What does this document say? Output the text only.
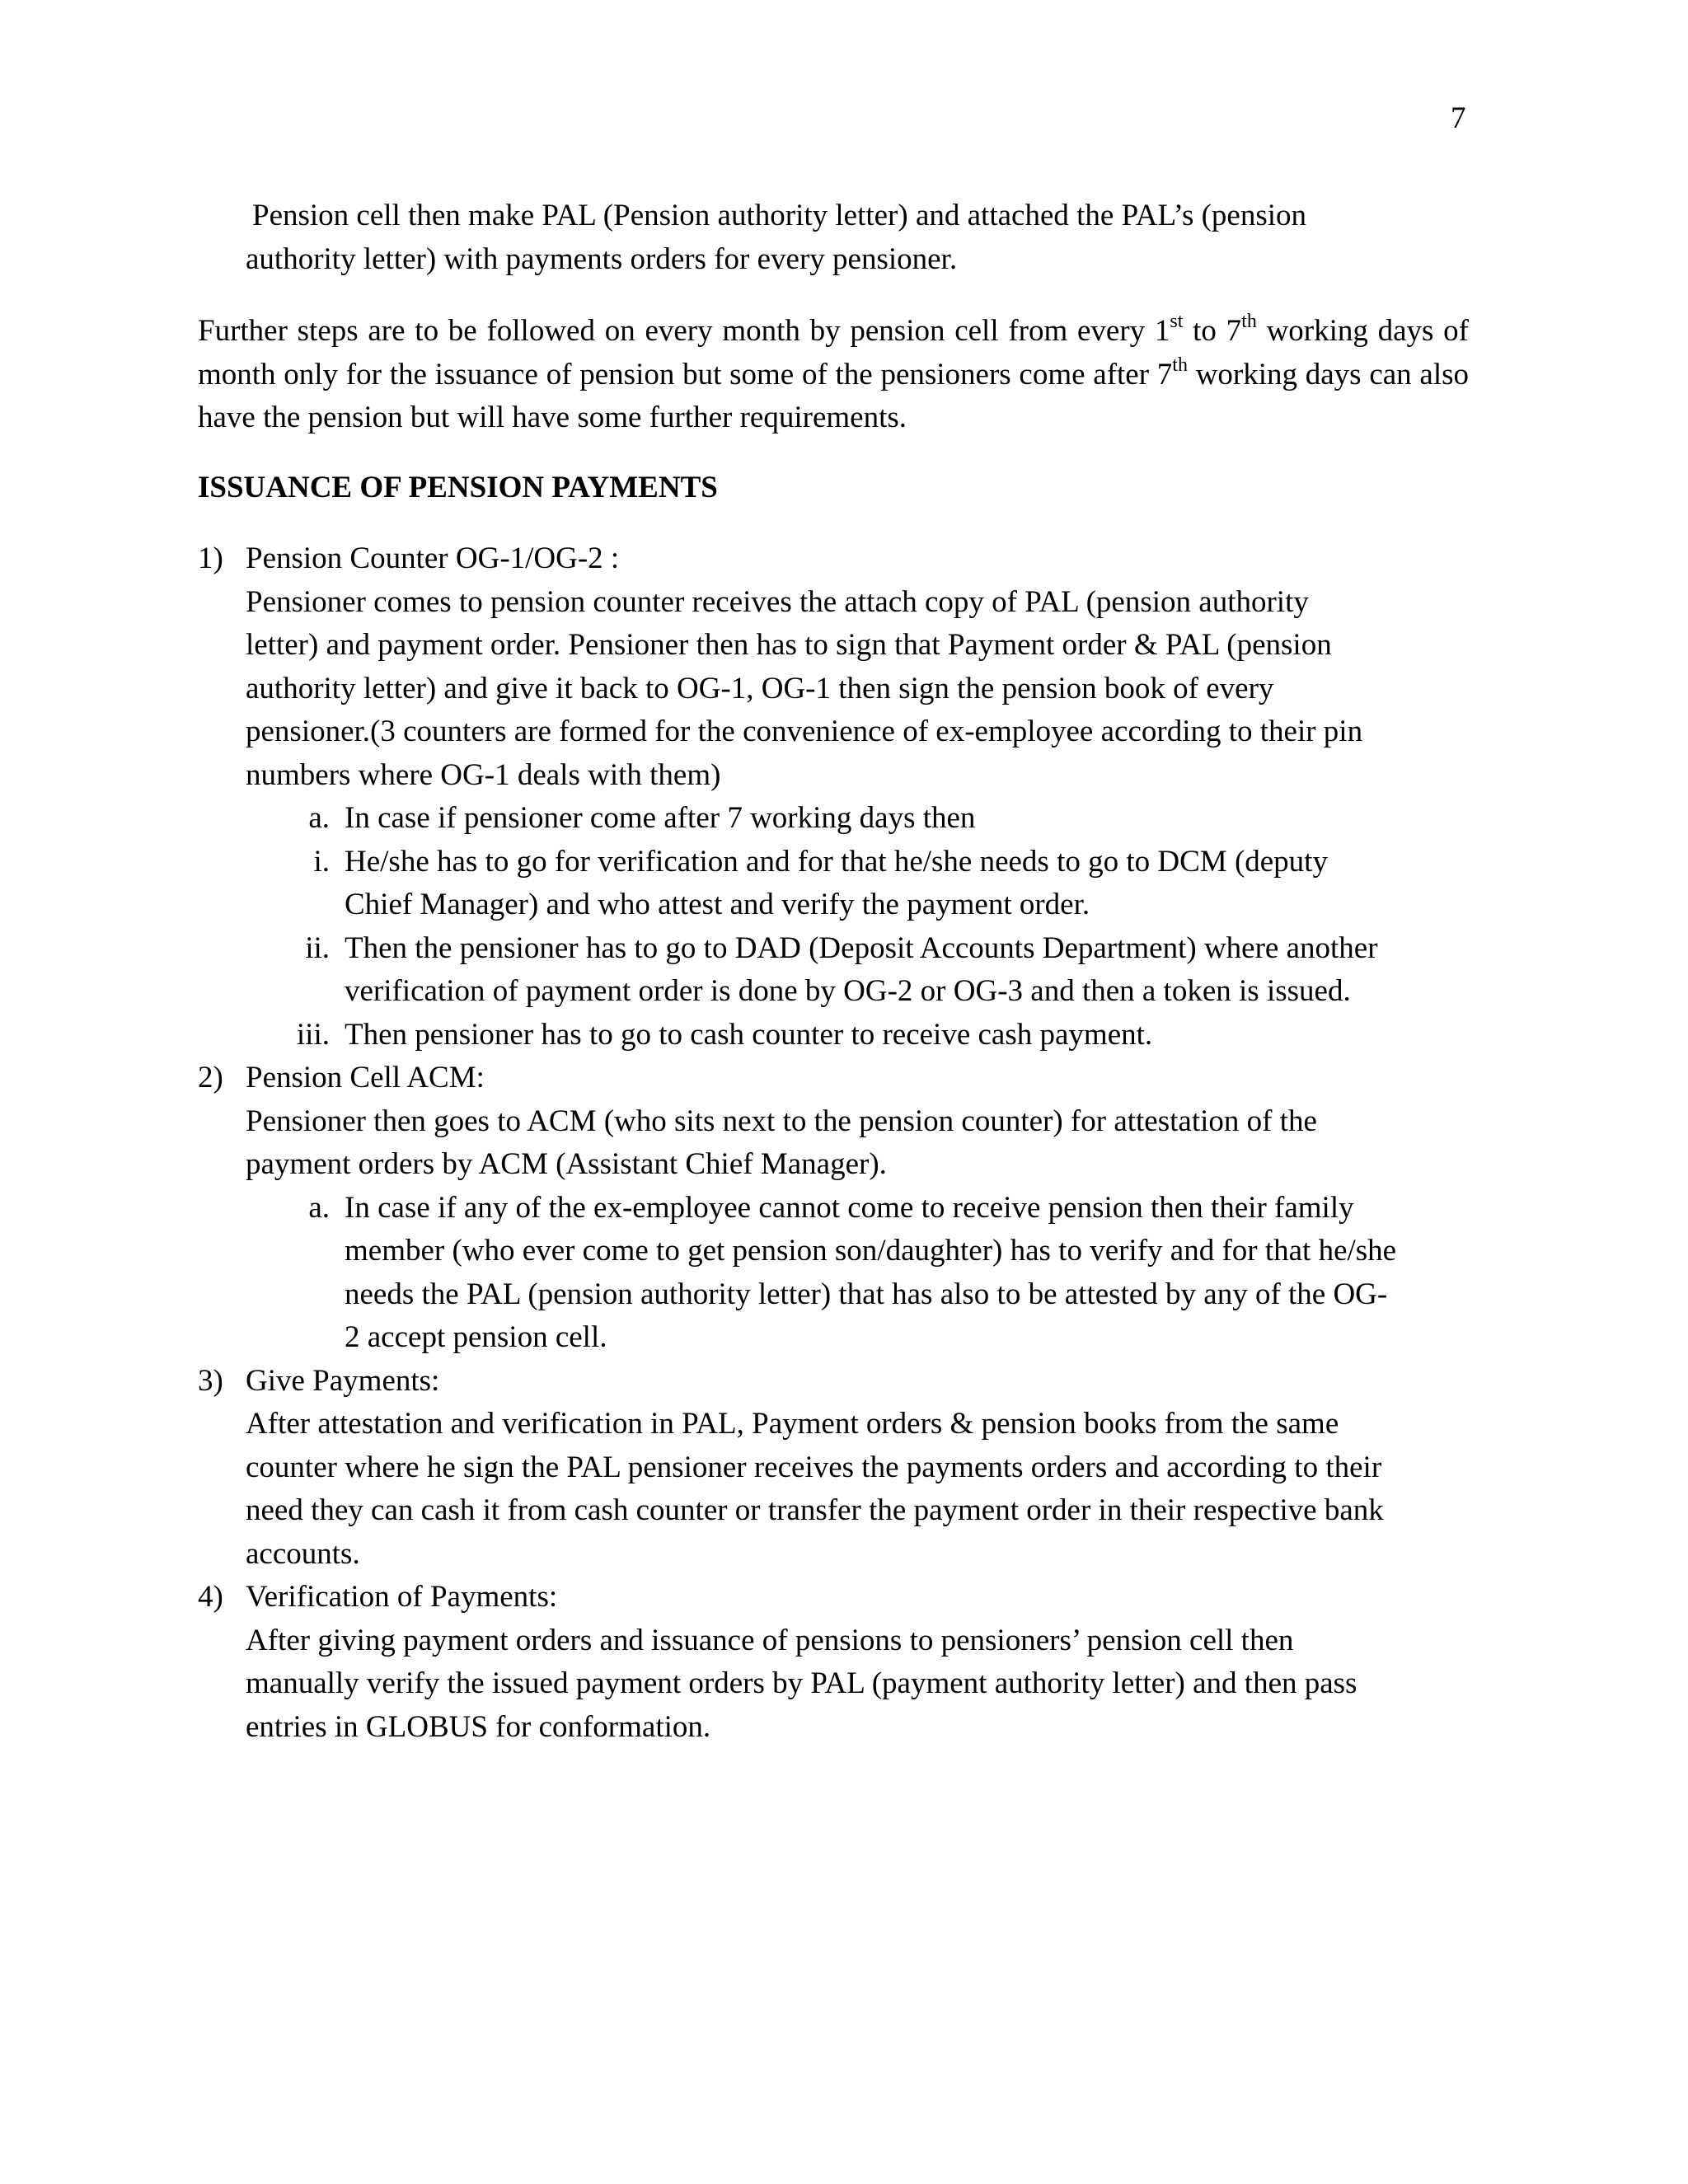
7
Pension cell then make PAL (Pension authority letter) and attached the PAL’s (pension
authority letter) with payments orders for every pensioner.
Further steps are to be followed on every month by pension cell from every 1st to 7th working days of month only for the issuance of pension but some of the pensioners come after 7th working days can also have the pension but will have some further requirements.
ISSUANCE OF PENSION PAYMENTS
1) Pension Counter OG-1/OG-2 :
Pensioner comes to pension counter receives the attach copy of PAL (pension authority
letter) and payment order. Pensioner then has to sign that Payment order & PAL (pension
authority letter) and give it back to OG-1, OG-1 then sign the pension book of every
pensioner.(3 counters are formed for the convenience of ex-employee according to their pin
numbers where OG-1 deals with them)
a. In case if pensioner come after 7 working days then
i. He/she has to go for verification and for that he/she needs to go to DCM (deputy
Chief Manager) and who attest and verify the payment order.
ii. Then the pensioner has to go to DAD (Deposit Accounts Department) where another
verification of payment order is done by OG-2 or OG-3 and then a token is issued.
iii. Then pensioner has to go to cash counter to receive cash payment.
2) Pension Cell ACM:
Pensioner then goes to ACM (who sits next to the pension counter) for attestation of the
payment orders by ACM (Assistant Chief Manager).
a. In case if any of the ex-employee cannot come to receive pension then their family
member (who ever come to get pension son/daughter) has to verify and for that he/she
needs the PAL (pension authority letter) that has also to be attested by any of the OG-
2 accept pension cell.
3) Give Payments:
After attestation and verification in PAL, Payment orders & pension books from the same
counter where he sign the PAL pensioner receives the payments orders and according to their
need they can cash it from cash counter or transfer the payment order in their respective bank
accounts.
4) Verification of Payments:
After giving payment orders and issuance of pensions to pensioners’ pension cell then
manually verify the issued payment orders by PAL (payment authority letter) and then pass
entries in GLOBUS for conformation.
